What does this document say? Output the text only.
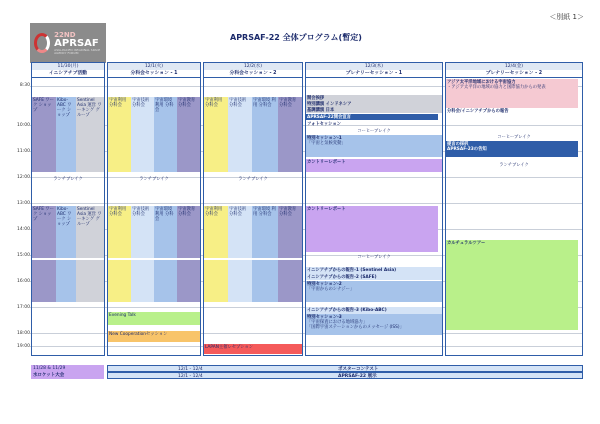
＜別紙 1＞
22ND
APRSAF
ASIA-PACIFIC REGIONAL SPACE AGENCY FORUM
APRSAF-22 全体プログラム(暫定)
8:30
10:00
11:00
12:00
13:00
14:00
15:00
16:00
17:00
18:00
19:00
11/30(月)
イニシアチブ活動
12/1(火)
分科会セッション - 1
12/2(水)
分科会セッション - 2
12/3(木)
プレナリーセッション - 1
12/4(金)
プレナリーセッション - 2
SAFE ワーク ショップ
Kibo- ABC ワーク ショップ
Sentinel Asia 運営 ワーキング グループ
ランチブレイク
SAFE ワーク ショップ
Kibo- ABC ワーク ショップ
Sentinel Asia 運営 ワーキング グループ
宇宙利用 分科会
宇宙技術 分科会
宇宙環境 利用 分科会
宇宙教育 分科会
ランチブレイク
宇宙利用 分科会
宇宙技術 分科会
宇宙環境 利用 分科会
宇宙教育 分科会
Evening Talk
New Cooperationセッション
宇宙利用 分科会
宇宙技術 分科会
宇宙環境 利用 分科会
宇宙教育 分科会
ランチブレイク
宇宙利用 分科会
宇宙技術 分科会
宇宙環境 利用 分科会
宇宙教育 分科会
LAPAN主催レセプション
開会挨拶
特別講演 インドネシア
基調講演 日本
APRSAF-22開会宣言
フォトセッション
コーヒーブレイク
特別セッション-1
「宇宙と気候変動」
カントリーレポート
カントリーレポート
コーヒーブレイク
イニシアチブからの報告-1 (Sentinel Asia)
イニシアチブからの報告-2 (SAFE)
特別セッション-2
「宇宙からのシナジー」
イニシアチブからの報告-3 (Kibo-ABC)
特別セッション-3
「宇宙探査における地域協力」
「国際宇宙ステーションからのメッセージ (ISS)」
アジア太平洋地域における宇宙協力
・アジア太平洋の地域の協力と国際協力からの発表
分科会/イニシアチブからの報告
コーヒーブレイク
提言の採択
APRSAF-23の告知
ランチブレイク
カルチュラルツアー
11/28 & 11/29
水ロケット大会
12/1 - 12/4	ポスターコンテスト
12/1 - 12/4	APRSAF-22 展示
